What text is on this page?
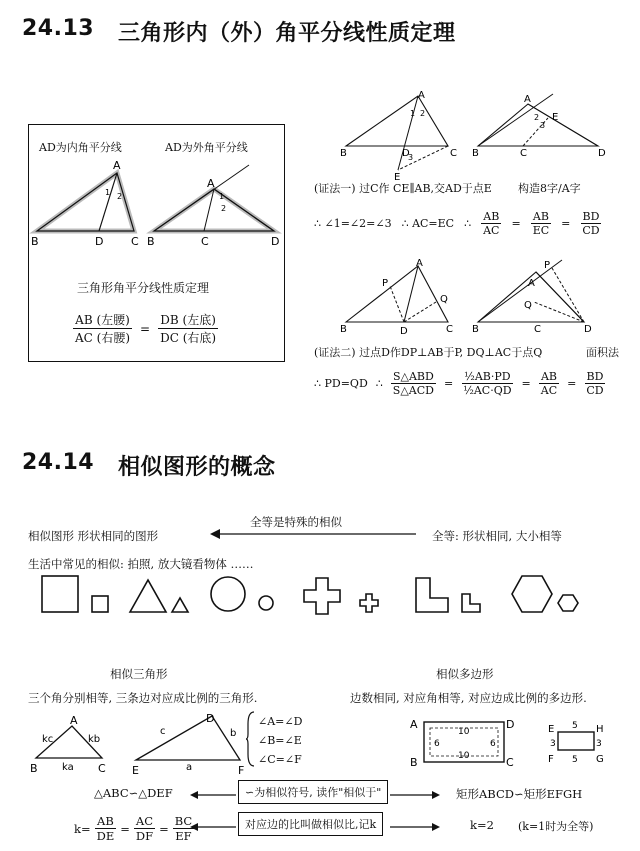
24.13 三角形内（外）角平分线性质定理
AD为内角平分线	AD为外角平分线
A
B	D	C
1 2
A
B	C	D
1
2
三角形角平分线性质定理
$\frac{\text{AB (左腰)}}{\text{AC (右腰)}} = \frac{\text{DB (左底)}}{\text{DC (右底)}}$
A
B	D	C
E
1 2
3
A
B	C	D
E
2
3
(证法一) 过C作 CE∥AB,交AD于点E 构造8字/A字
∴ ∠1=∠2=∠3 ∴ AC=EC ∴ $\frac{AB}{AC} = \frac{AB}{EC} = \frac{BD}{CD}$
A
B	D	C
P
Q
P
A
Q
B	C	D
(证法二) 过点D作DP⊥AB于P, DQ⊥AC于点Q	面积法
∴ PD=QD ∴ $\frac{\text{S△ABD}}{\text{S△ACD}} = \frac{\text{½AB·PD}}{\text{½AC·QD}} = \frac{AB}{AC} = \frac{BD}{CD}$
24.14 相似图形的概念
相似图形 形状相同的图形
全等是特殊的相似
全等: 形状相同, 大小相等
生活中常见的相似: 拍照, 放大镜看物体 ……
相似三角形
三个角分别相等, 三条边对应成比例的三角形.
A
B	C
kc	kb
ka
D
E	F
c	b
a
∠A=∠D
∠B=∠E
∠C=∠F
相似多边形
边数相同, 对应角相等, 对应边成比例的多边形.
A	D
B	C
10
10
6	6
E	H
F	G
5
5
3	3
△ABC∽△DEF	∽为相似符号, 读作"相似于"	矩形ABCD∽矩形EFGH
$k= \frac{AB}{DE} = \frac{AC}{DF} = \frac{BC}{EF}$	对应边的比叫做相似比,记k	k=2 (k=1时为全等)
